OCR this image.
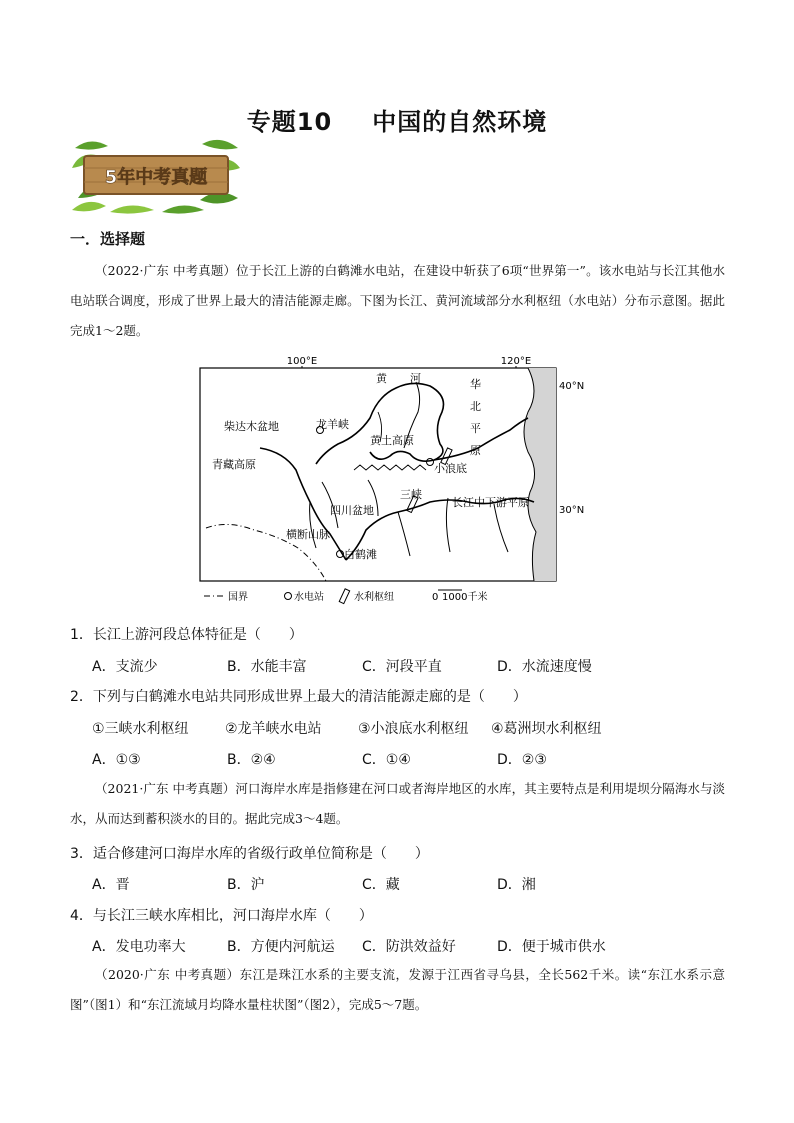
专题10 中国的自然环境
5年中考真题
一．选择题
（2022·广东 中考真题）位于长江上游的白鹤滩水电站，在建设中斩获了6项“世界第一”。该水电站与长江其他水电站联合调度，形成了世界上最大的清洁能源走廊。下图为长江、黄河流域部分水利枢纽（水电站）分布示意图。据此完成1～2题。
100°E	120°E
40°N
30°N
黄 河	华
北
平
原
柴达木盆地	龙羊峡
黄土高原
小浪底
青藏高原
三峡
长江中下游平原
四川盆地
横断山脉
白鹤滩
国界	水电站	水利枢纽	0 1000千米
1．长江上游河段总体特征是（　　）
A．支流少	B．水能丰富	C．河段平直	D．水流速度慢
2．下列与白鹤滩水电站共同形成世界上最大的清洁能源走廊的是（　　）
①三峡水利枢纽	②龙羊峡水电站	③小浪底水利枢纽	④葛洲坝水利枢纽
A．①③	B．②④	C．①④	D．②③
（2021·广东 中考真题）河口海岸水库是指修建在河口或者海岸地区的水库，其主要特点是利用堤坝分隔海水与淡水，从而达到蓄积淡水的目的。据此完成3～4题。
3．适合修建河口海岸水库的省级行政单位简称是（　　）
A．晋	B．沪	C．藏	D．湘
4．与长江三峡水库相比，河口海岸水库（　　）
A．发电功率大	B．方便内河航运	C．防洪效益好	D．便于城市供水
（2020·广东 中考真题）东江是珠江水系的主要支流，发源于江西省寻乌县，全长562千米。读“东江水系示意图”（图1）和“东江流域月均降水量柱状图”（图2），完成5～7题。
